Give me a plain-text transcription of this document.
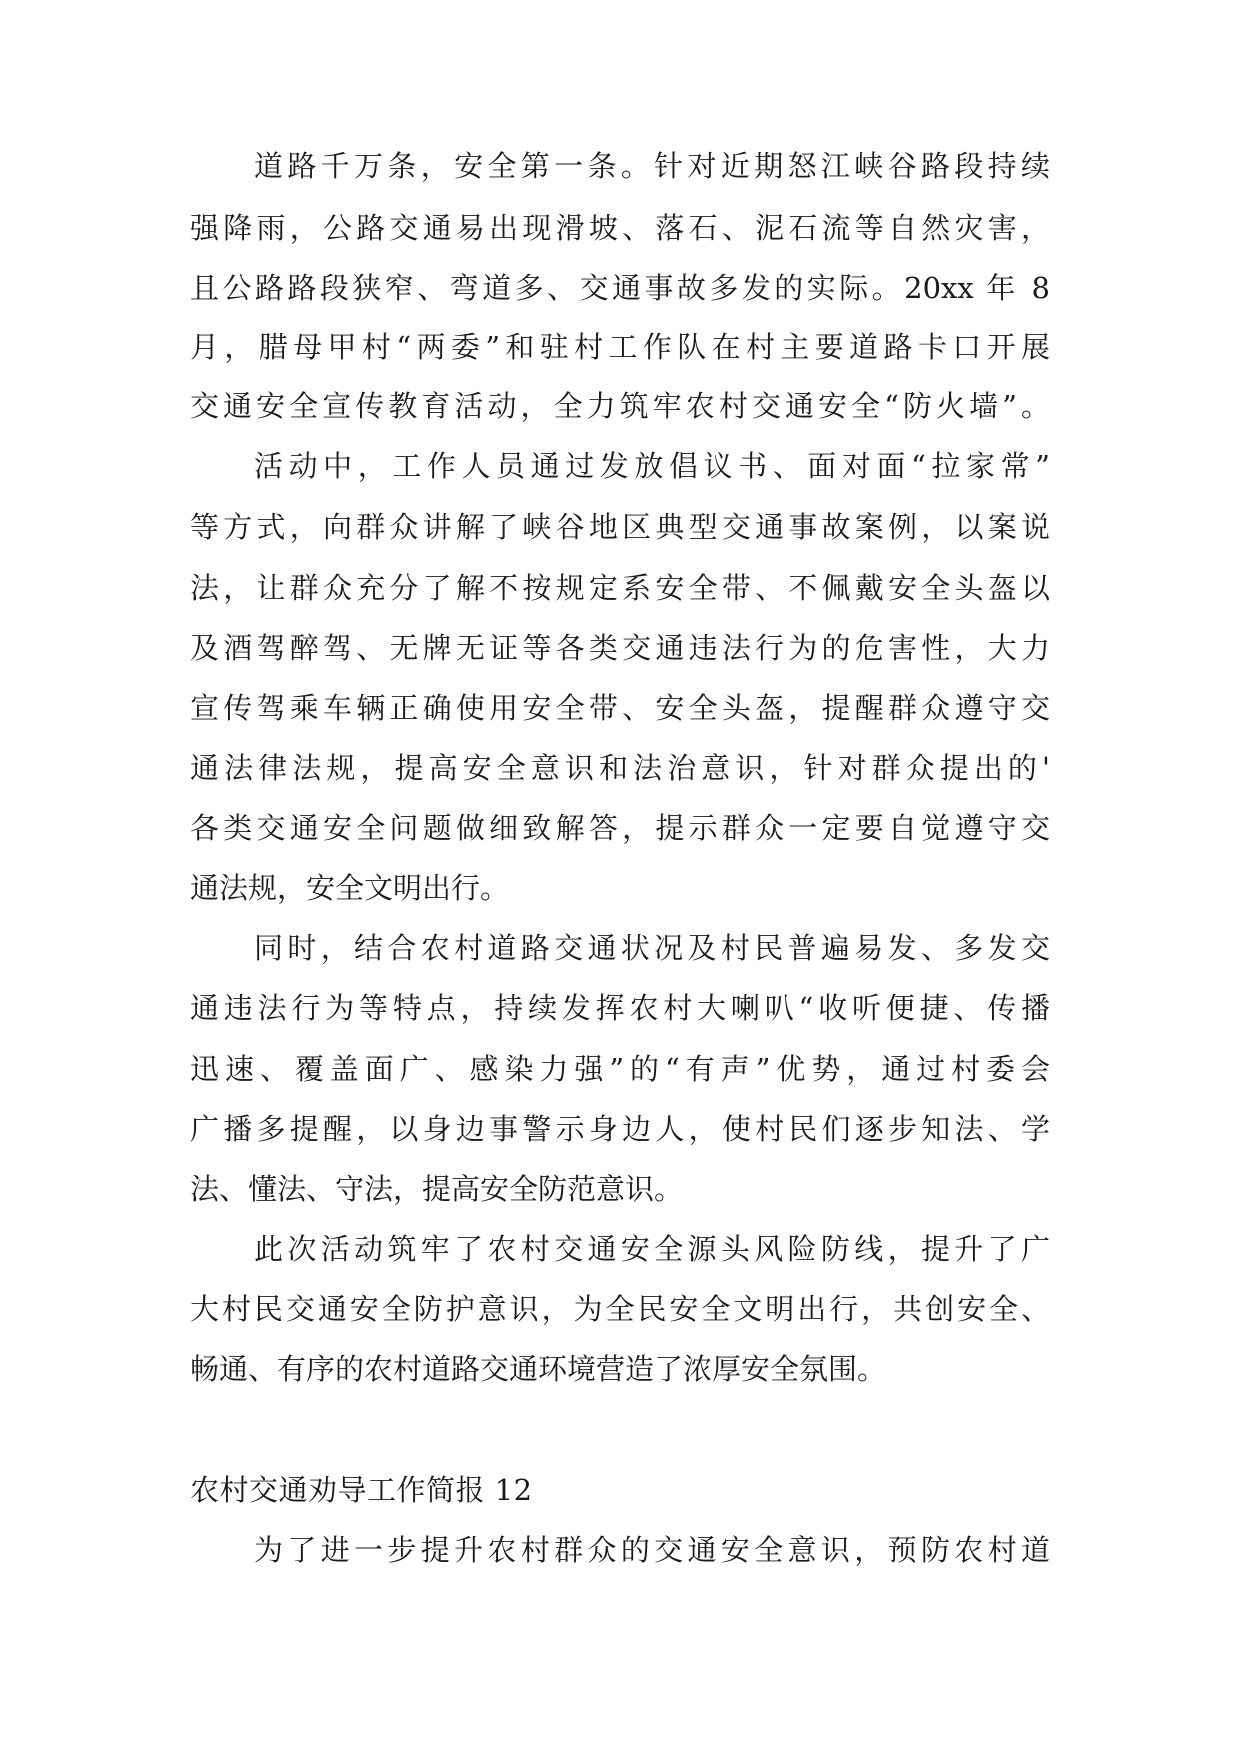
道路千万条，安全第一条。针对近期怒江峡谷路段持续
强降雨，公路交通易出现滑坡、落石、泥石流等自然灾害，
且公路路段狭窄、弯道多、交通事故多发的实际。20xx 年 8
月，腊母甲村“两委”和驻村工作队在村主要道路卡口开展
交通安全宣传教育活动，全力筑牢农村交通安全“防火墙”。
活动中，工作人员通过发放倡议书、面对面“拉家常”
等方式，向群众讲解了峡谷地区典型交通事故案例，以案说
法，让群众充分了解不按规定系安全带、不佩戴安全头盔以
及酒驾醉驾、无牌无证等各类交通违法行为的危害性，大力
宣传驾乘车辆正确使用安全带、安全头盔，提醒群众遵守交
通法律法规，提高安全意识和法治意识，针对群众提出的'
各类交通安全问题做细致解答，提示群众一定要自觉遵守交
通法规，安全文明出行。
同时，结合农村道路交通状况及村民普遍易发、多发交
通违法行为等特点，持续发挥农村大喇叭“收听便捷、传播
迅速、覆盖面广、感染力强”的“有声”优势，通过村委会
广播多提醒，以身边事警示身边人，使村民们逐步知法、学
法、懂法、守法，提高安全防范意识。
此次活动筑牢了农村交通安全源头风险防线，提升了广
大村民交通安全防护意识，为全民安全文明出行，共创安全、
畅通、有序的农村道路交通环境营造了浓厚安全氛围。
农村交通劝导工作简报 12
为了进一步提升农村群众的交通安全意识，预防农村道
